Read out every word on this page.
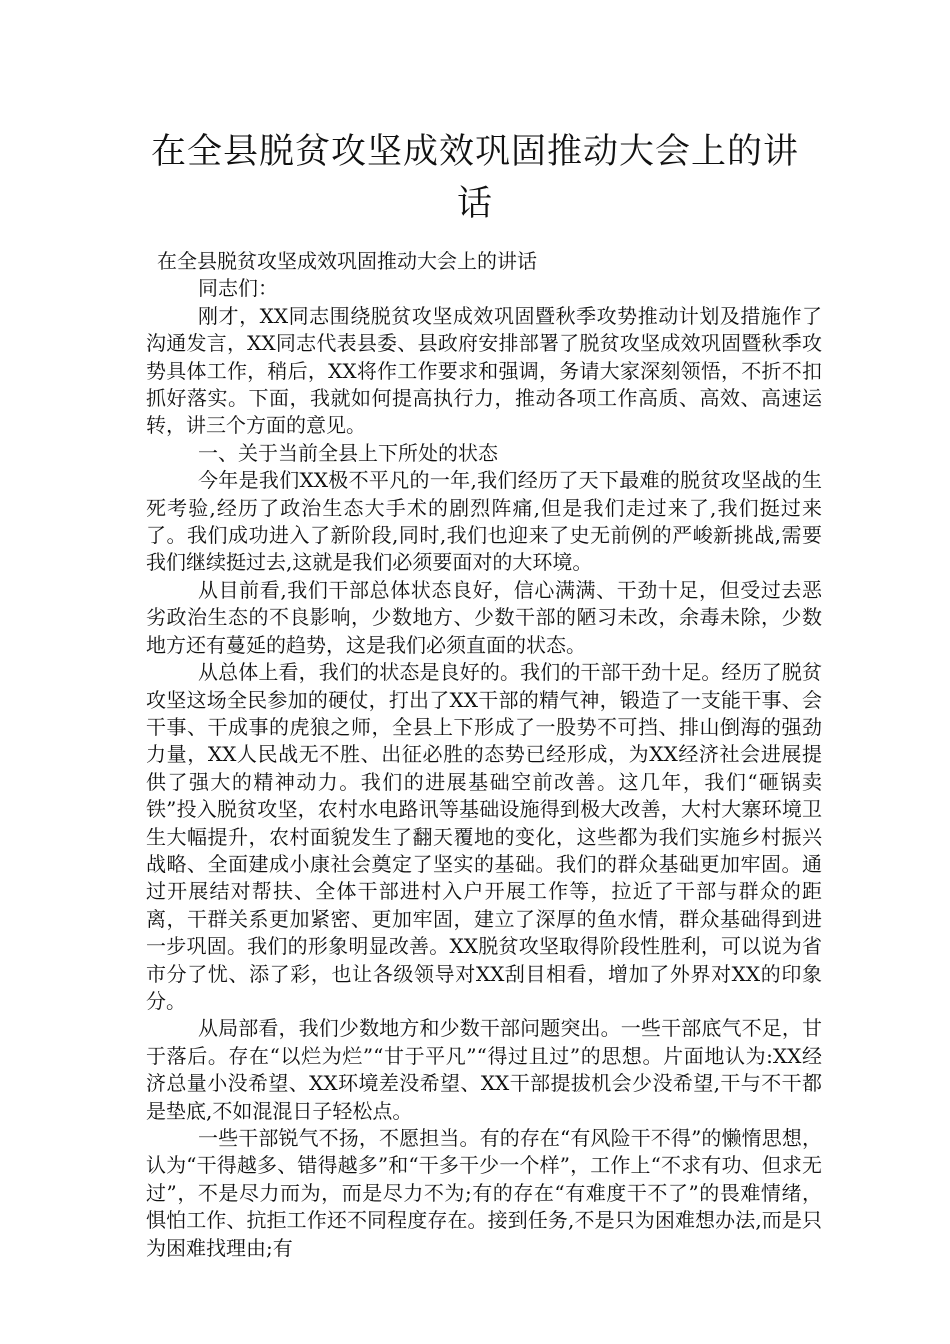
在全县脱贫攻坚成效巩固推动大会上的讲话

在全县脱贫攻坚成效巩固推动大会上的讲话

同志们：

刚才，XX同志围绕脱贫攻坚成效巩固暨秋季攻势推动计划及措施作了沟通发言，XX同志代表县委、县政府安排部署了脱贫攻坚成效巩固暨秋季攻势具体工作，稍后，XX将作工作要求和强调，务请大家深刻领悟，不折不扣抓好落实。下面，我就如何提高执行力，推动各项工作高质、高效、高速运转，讲三个方面的意见。

一、关于当前全县上下所处的状态

今年是我们XX极不平凡的一年,我们经历了天下最难的脱贫攻坚战的生死考验,经历了政治生态大手术的剧烈阵痛,但是我们走过来了,我们挺过来了。我们成功进入了新阶段,同时,我们也迎来了史无前例的严峻新挑战,需要我们继续挺过去,这就是我们必须要面对的大环境。

从目前看,我们干部总体状态良好，信心满满、干劲十足，但受过去恶劣政治生态的不良影响，少数地方、少数干部的陋习未改，余毒未除，少数地方还有蔓延的趋势，这是我们必须直面的状态。

从总体上看，我们的状态是良好的。我们的干部干劲十足。经历了脱贫攻坚这场全民参加的硬仗，打出了XX干部的精气神，锻造了一支能干事、会干事、干成事的虎狼之师，全县上下形成了一股势不可挡、排山倒海的强劲力量，XX人民战无不胜、出征必胜的态势已经形成，为XX经济社会进展提供了强大的精神动力。我们的进展基础空前改善。这几年，我们“砸锅卖铁”投入脱贫攻坚，农村水电路讯等基础设施得到极大改善，大村大寨环境卫生大幅提升，农村面貌发生了翻天覆地的变化，这些都为我们实施乡村振兴战略、全面建成小康社会奠定了坚实的基础。我们的群众基础更加牢固。通过开展结对帮扶、全体干部进村入户开展工作等，拉近了干部与群众的距离，干群关系更加紧密、更加牢固，建立了深厚的鱼水情，群众基础得到进一步巩固。我们的形象明显改善。XX脱贫攻坚取得阶段性胜利，可以说为省市分了忧、添了彩，也让各级领导对XX刮目相看，增加了外界对XX的印象分。

从局部看，我们少数地方和少数干部问题突出。一些干部底气不足，甘于落后。存在“以烂为烂”“甘于平凡”“得过且过”的思想。片面地认为:XX经济总量小没希望、XX环境差没希望、XX干部提拔机会少没希望,干与不干都是垫底,不如混混日子轻松点。

一些干部锐气不扬，不愿担当。有的存在“有风险干不得”的懒惰思想，认为“干得越多、错得越多”和“干多干少一个样”，工作上“不求有功、但求无过”，不是尽力而为，而是尽力不为;有的存在“有难度干不了”的畏难情绪，惧怕工作、抗拒工作还不同程度存在。接到任务,不是只为困难想办法,而是只为困难找理由;有
